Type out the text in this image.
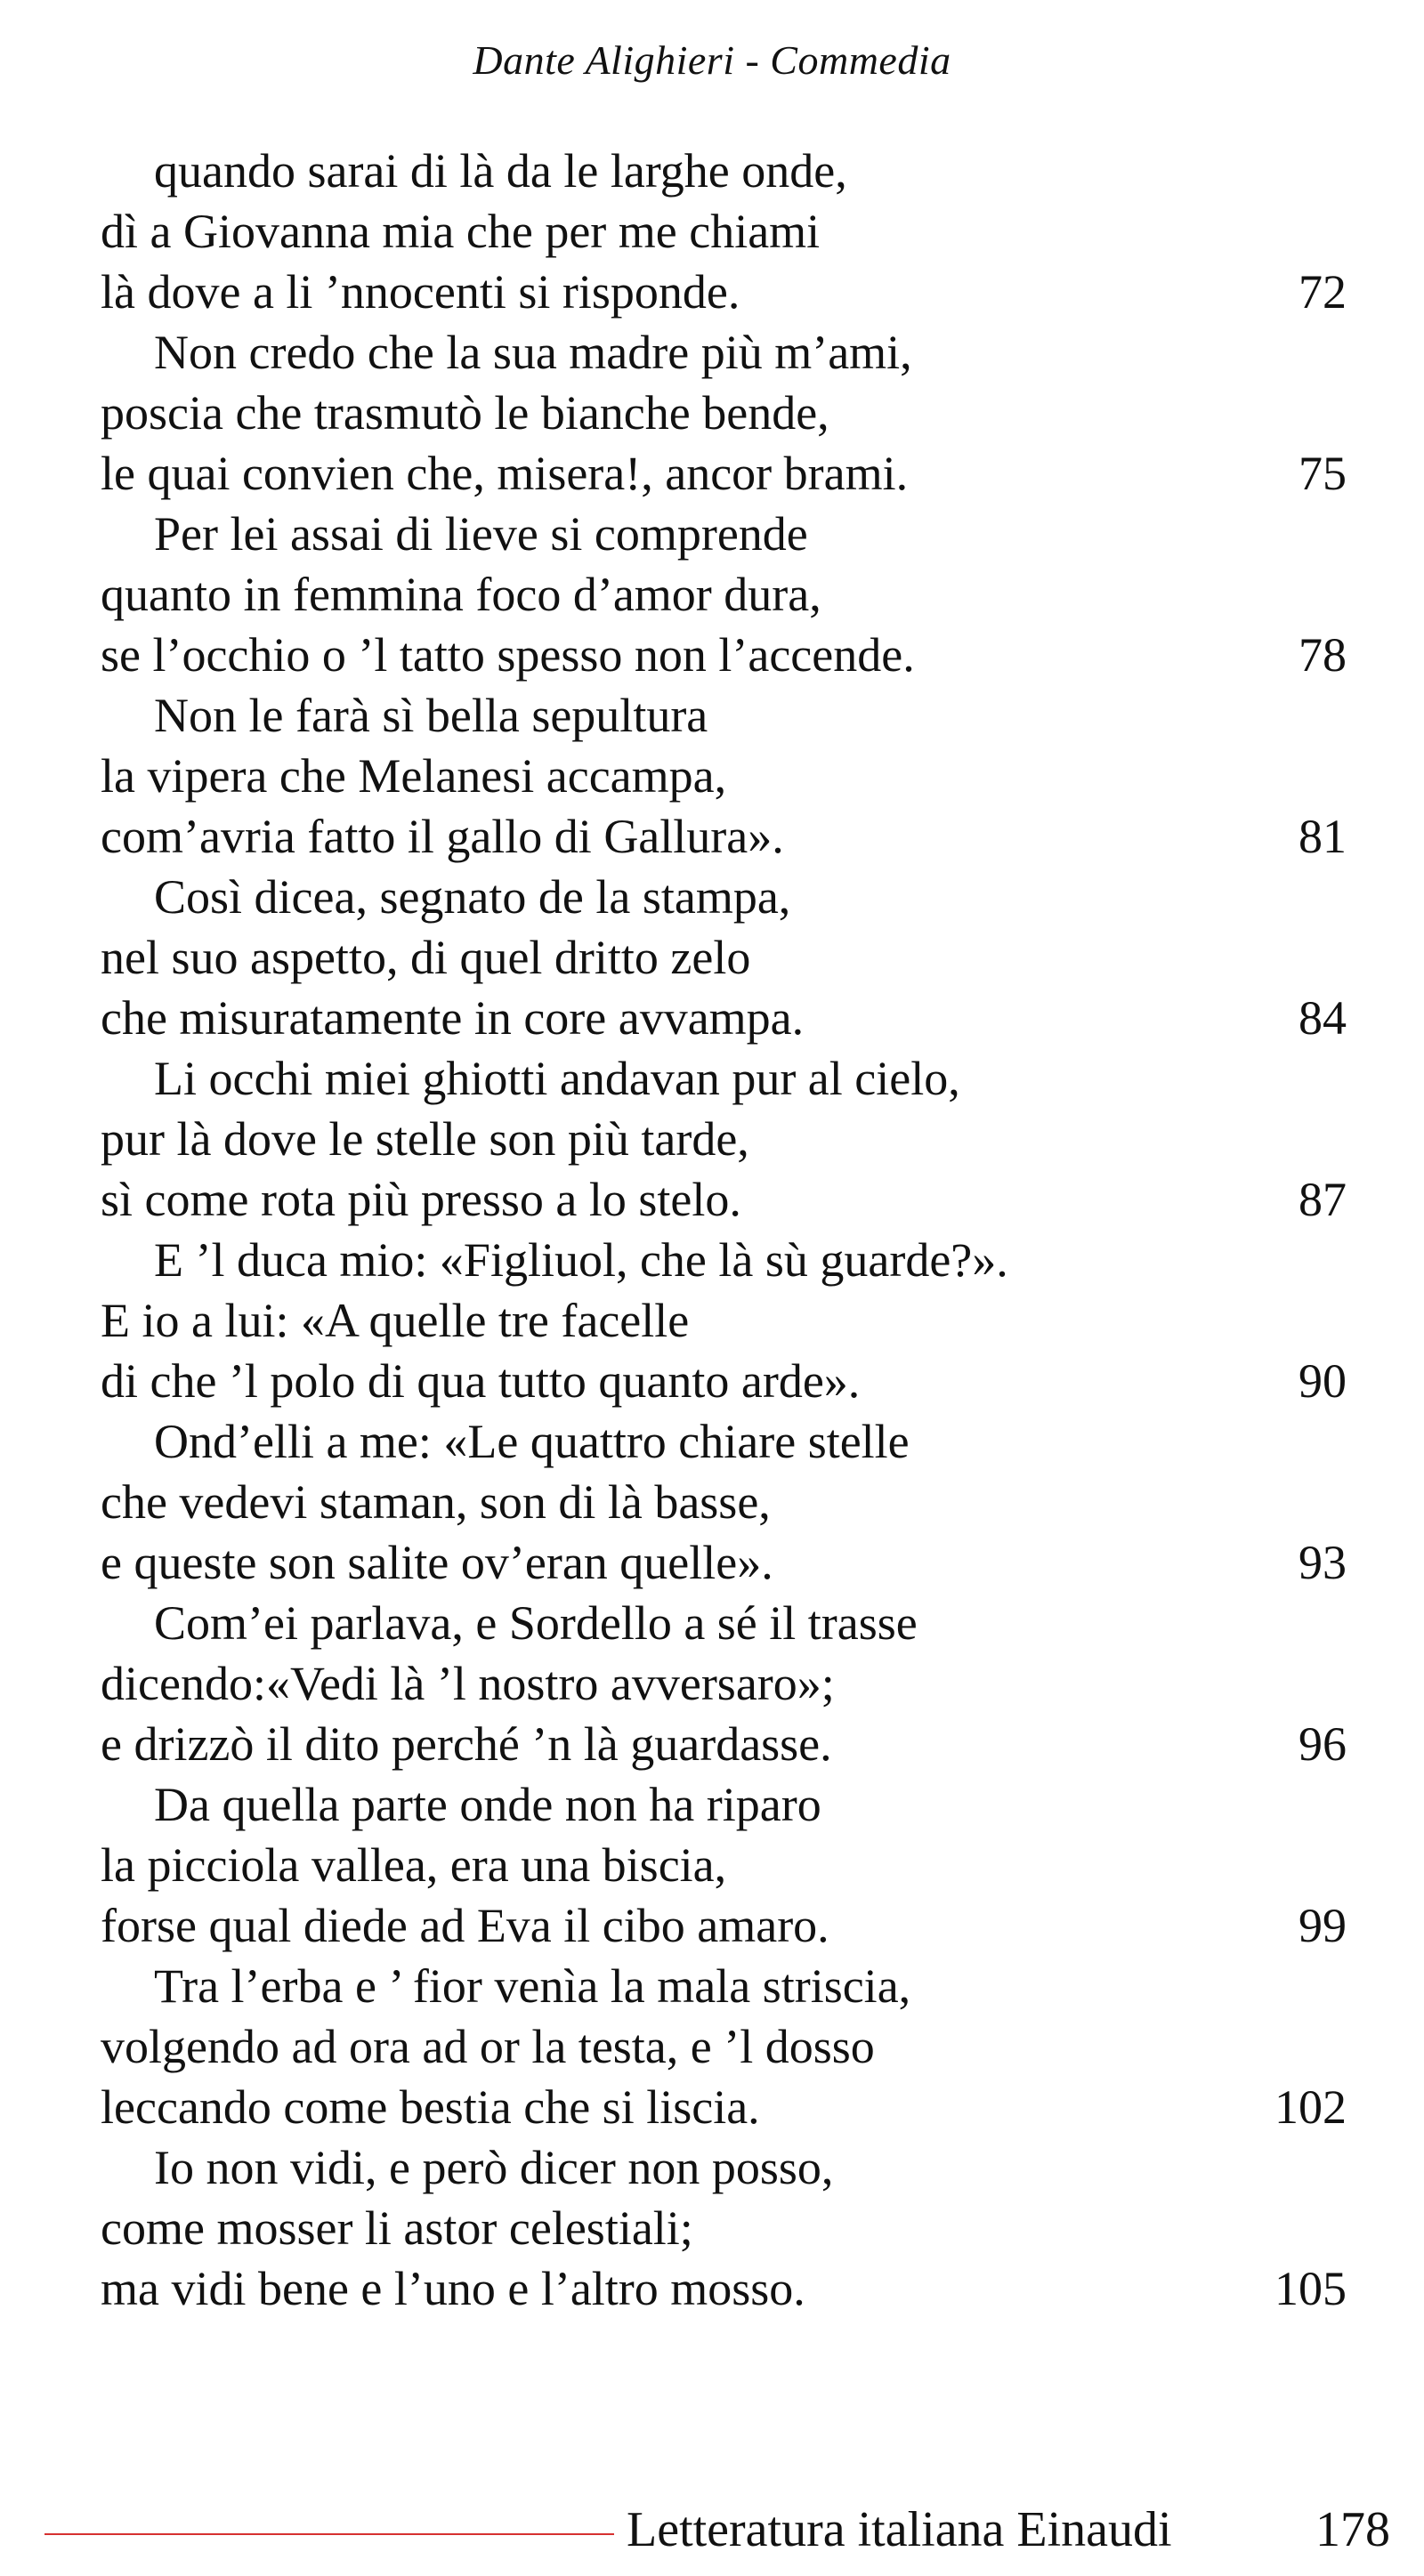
Dante Alighieri - Commedia
quando sarai di là da le larghe onde,
dì a Giovanna mia che per me chiami
là dove a li ’nnocenti si risponde.	72
Non credo che la sua madre più m’ami,
poscia che trasmutò le bianche bende,
le quai convien che, misera!, ancor brami.	75
Per lei assai di lieve si comprende
quanto in femmina foco d’amor dura,
se l’occhio o ’l tatto spesso non l’accende.	78
Non le farà sì bella sepultura
la vipera che Melanesi accampa,
com’avria fatto il gallo di Gallura».	81
Così dicea, segnato de la stampa,
nel suo aspetto, di quel dritto zelo
che misuratamente in core avvampa.	84
Li occhi miei ghiotti andavan pur al cielo,
pur là dove le stelle son più tarde,
sì come rota più presso a lo stelo.	87
E ’l duca mio: «Figliuol, che là sù guarde?».
E io a lui: «A quelle tre facelle
di che ’l polo di qua tutto quanto arde».	90
Ond’elli a me: «Le quattro chiare stelle
che vedevi staman, son di là basse,
e queste son salite ov’eran quelle».	93
Com’ei parlava, e Sordello a sé il trasse
dicendo:«Vedi là ’l nostro avversaro»;
e drizzò il dito perché ’n là guardasse.	96
Da quella parte onde non ha riparo
la picciola vallea, era una biscia,
forse qual diede ad Eva il cibo amaro.	99
Tra l’erba e ’ fior venìa la mala striscia,
volgendo ad ora ad or la testa, e ’l dosso
leccando come bestia che si liscia.	102
Io non vidi, e però dicer non posso,
come mosser li astor celestiali;
ma vidi bene e l’uno e l’altro mosso.	105
Letteratura italiana Einaudi	178
